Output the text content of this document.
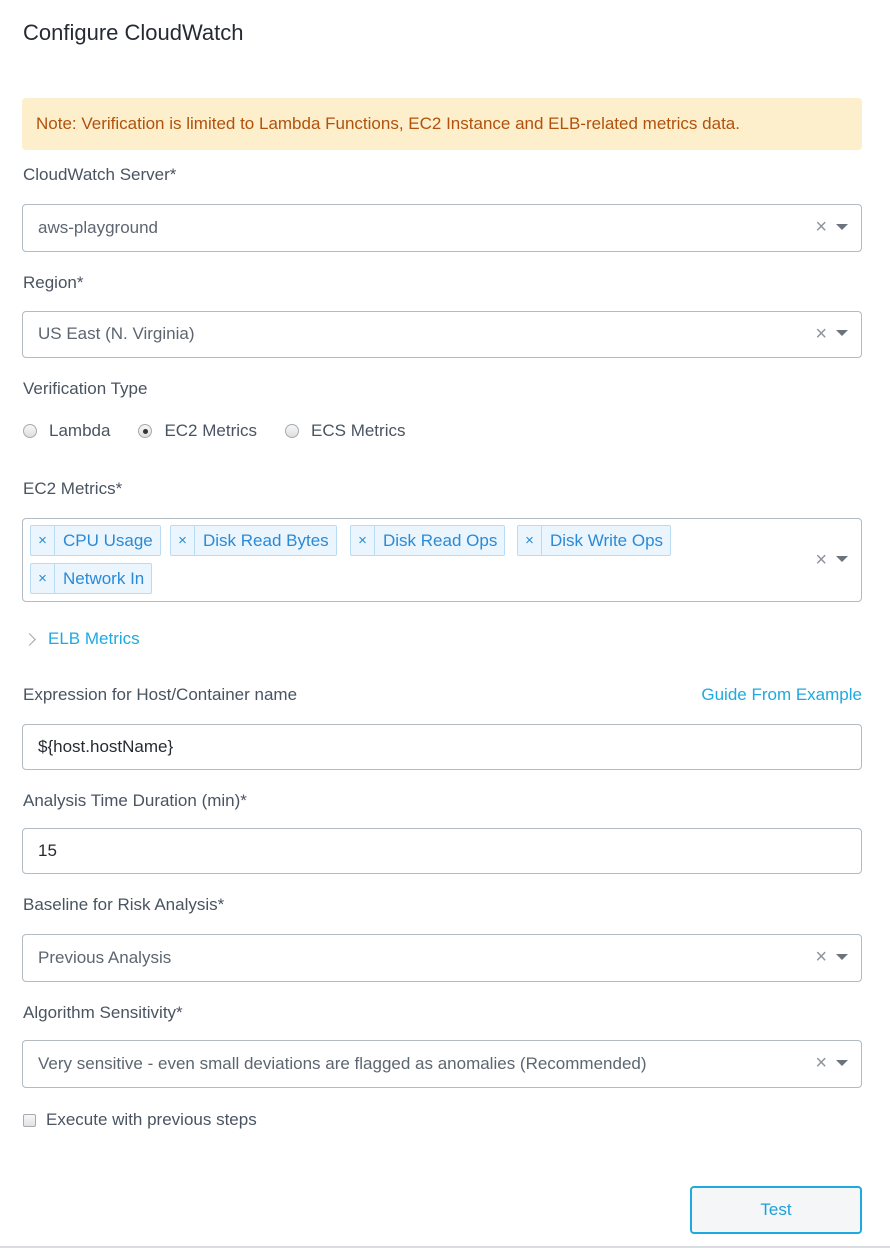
Configure CloudWatch
Note: Verification is limited to Lambda Functions, EC2 Instance and ELB-related metrics data.
CloudWatch Server*
aws-playground	×
Region*
US East (N. Virginia)	×
Verification Type
Lambda	EC2 Metrics	ECS Metrics
EC2 Metrics*
× CPU Usage	× Disk Read Bytes	× Disk Read Ops	× Disk Write Ops
× Network In
×
ELB Metrics
Expression for Host/Container name	Guide From Example
${host.hostName}
Analysis Time Duration (min)*
15
Baseline for Risk Analysis*
Previous Analysis	×
Algorithm Sensitivity*
Very sensitive - even small deviations are flagged as anomalies (Recommended)	×
Execute with previous steps
Test
